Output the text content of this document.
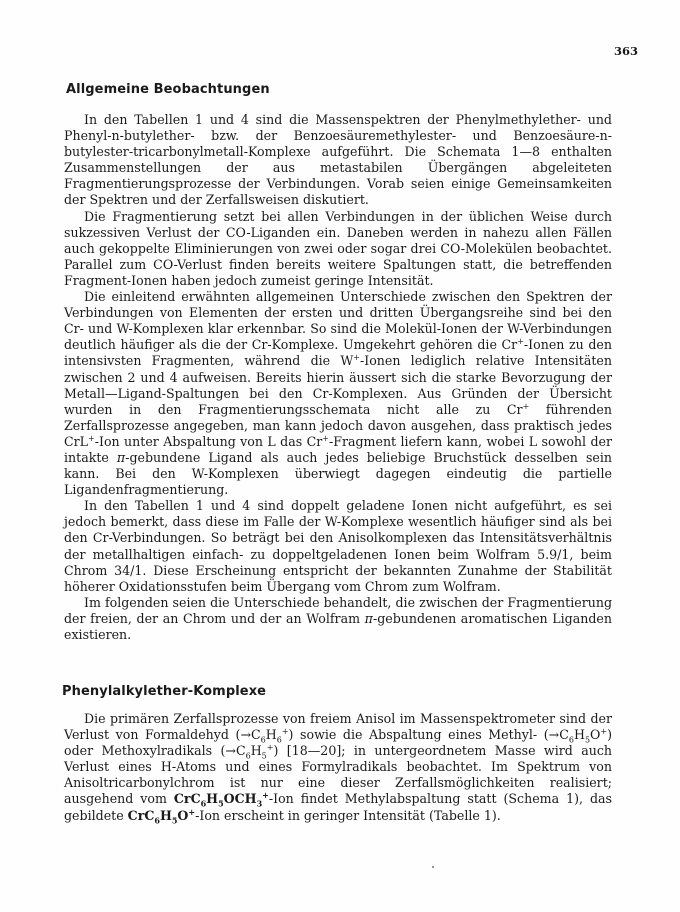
363
Allgemeine Beobachtungen

In den Tabellen 1 und 4 sind die Massenspektren der Phenylmethylether- und Phenyl-n-butylether- bzw. der Benzoesäuremethylester- und Benzoesäure-n-butylester-tricarbonylmetall-Komplexe aufgeführt. Die Schemata 1—8 enthalten Zusammenstellungen der aus metastabilen Übergängen abgeleiteten Fragmentierungsprozesse der Verbindungen. Vorab seien einige Gemeinsamkeiten der Spektren und der Zerfallsweisen diskutiert.

Die Fragmentierung setzt bei allen Verbindungen in der üblichen Weise durch sukzessiven Verlust der CO-Liganden ein. Daneben werden in nahezu allen Fällen auch gekoppelte Eliminierungen von zwei oder sogar drei CO-Molekülen beobachtet. Parallel zum CO-Verlust finden bereits weitere Spaltungen statt, die betreffenden Fragment-Ionen haben jedoch zumeist geringe Intensität.

Die einleitend erwähnten allgemeinen Unterschiede zwischen den Spektren der Verbindungen von Elementen der ersten und dritten Übergangsreihe sind bei den Cr- und W-Komplexen klar erkennbar. So sind die Molekül-Ionen der W-Verbindungen deutlich häufiger als die der Cr-Komplexe. Umgekehrt gehören die Cr+-Ionen zu den intensivsten Fragmenten, während die W+-Ionen lediglich relative Intensitäten zwischen 2 und 4 aufweisen. Bereits hierin äussert sich die starke Bevorzugung der Metall—Ligand-Spaltungen bei den Cr-Komplexen. Aus Gründen der Übersicht wurden in den Fragmentierungsschemata nicht alle zu Cr+ führenden Zerfallsprozesse angegeben, man kann jedoch davon ausgehen, dass praktisch jedes CrL+-Ion unter Abspaltung von L das Cr+-Fragment liefern kann, wobei L sowohl der intakte π-gebundene Ligand als auch jedes beliebige Bruchstück desselben sein kann. Bei den W-Komplexen überwiegt dagegen eindeutig die partielle Ligandenfragmentierung.

In den Tabellen 1 und 4 sind doppelt geladene Ionen nicht aufgeführt, es sei jedoch bemerkt, dass diese im Falle der W-Komplexe wesentlich häufiger sind als bei den Cr-Verbindungen. So beträgt bei den Anisolkomplexen das Intensitätsverhältnis der metallhaltigen einfach- zu doppeltgeladenen Ionen beim Wolfram 5.9/1, beim Chrom 34/1. Diese Erscheinung entspricht der bekannten Zunahme der Stabilität höherer Oxidationsstufen beim Übergang vom Chrom zum Wolfram.

Im folgenden seien die Unterschiede behandelt, die zwischen der Fragmentierung der freien, der an Chrom und der an Wolfram π-gebundenen aromatischen Liganden existieren.

Phenylalkylether-Komplexe

Die primären Zerfallsprozesse von freiem Anisol im Massenspektrometer sind der Verlust von Formaldehyd $(\to C_6H_6^+)$ sowie die Abspaltung eines Methyl- $(\to C_6H_5O^+)$ oder Methoxylradikals $(\to C_6H_5^+)$ [18—20]; in untergeordnetem Masse wird auch Verlust eines H-Atoms und eines Formylradikals beobachtet. Im Spektrum von Anisoltricarbonylchrom ist nur eine dieser Zerfallsmöglichkeiten realisiert; ausgehend vom $CrC_6H_5OCH_3^+$-Ion findet Methylabspaltung statt (Schema 1), das gebildete $CrC_6H_5O^+$-Ion erscheint in geringer Intensität (Tabelle 1).
